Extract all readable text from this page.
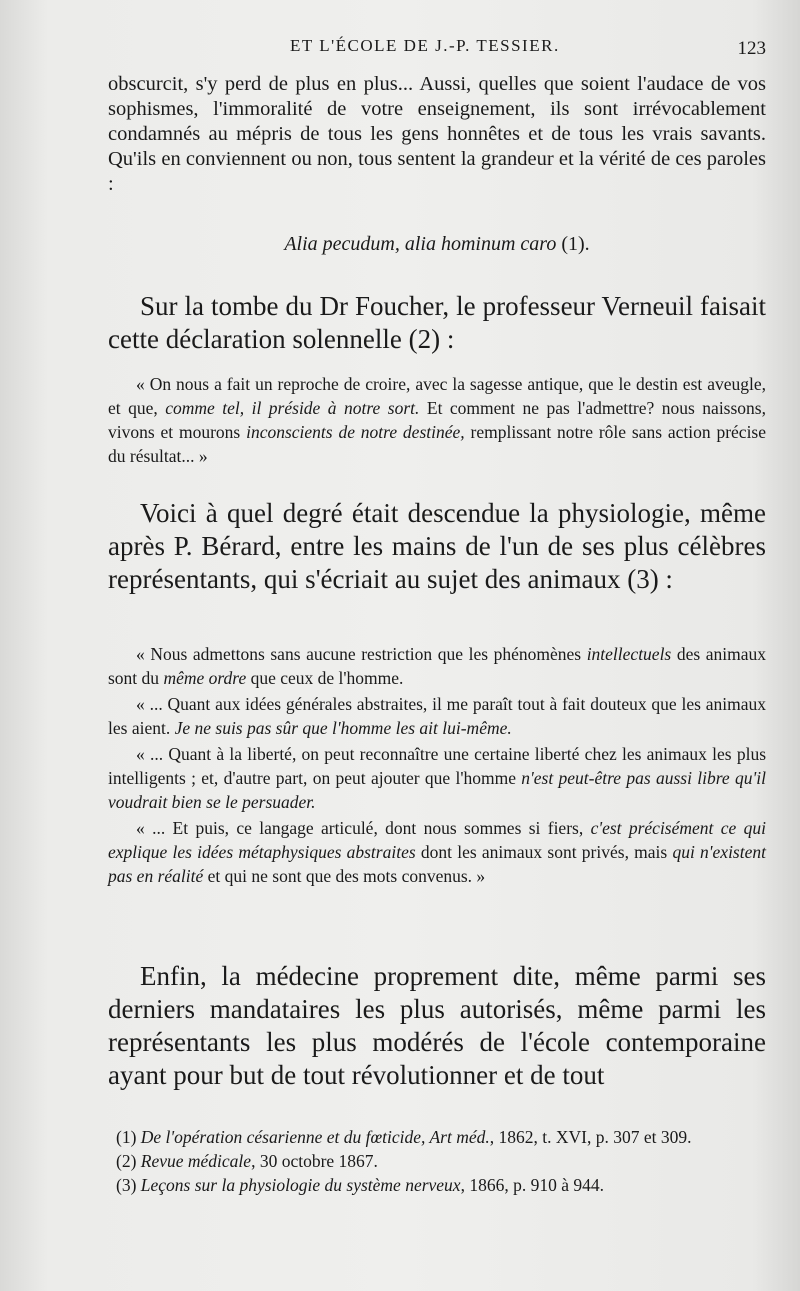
ET L'ÉCOLE DE J.-P. TESSIER.	123
obscurcit, s'y perd de plus en plus... Aussi, quelles que soient l'audace de vos sophismes, l'immoralité de votre enseignement, ils sont irrévocablement condamnés au mépris de tous les gens honnêtes et de tous les vrais savants. Qu'ils en conviennent ou non, tous sentent la grandeur et la vérité de ces paroles :
Alia pecudum, alia hominum caro (1).
Sur la tombe du Dr Foucher, le professeur Verneuil faisait cette déclaration solennelle (2) :

« On nous a fait un reproche de croire, avec la sagesse antique, que le destin est aveugle, et que, comme tel, il préside à notre sort. Et comment ne pas l'admettre? nous naissons, vivons et mourons inconscients de notre destinée, remplissant notre rôle sans action précise du résultat... »

Voici à quel degré était descendue la physiologie, même après P. Bérard, entre les mains de l'un de ses plus célèbres représentants, qui s'écriait au sujet des animaux (3) :

« Nous admettons sans aucune restriction que les phénomènes intellectuels des animaux sont du même ordre que ceux de l'homme.

« ... Quant aux idées générales abstraites, il me paraît tout à fait douteux que les animaux les aient. Je ne suis pas sûr que l'homme les ait lui-même.

« ... Quant à la liberté, on peut reconnaître une certaine liberté chez les animaux les plus intelligents ; et, d'autre part, on peut ajouter que l'homme n'est peut-être pas aussi libre qu'il voudrait bien se le persuader.

« ... Et puis, ce langage articulé, dont nous sommes si fiers, c'est précisément ce qui explique les idées métaphysiques abstraites dont les animaux sont privés, mais qui n'existent pas en réalité et qui ne sont que des mots convenus. »

Enfin, la médecine proprement dite, même parmi ses derniers mandataires les plus autorisés, même parmi les représentants les plus modérés de l'école contemporaine ayant pour but de tout révolutionner et de tout

(1) De l'opération césarienne et du fœticide, Art méd., 1862, t. XVI, p. 307 et 309.

(2) Revue médicale, 30 octobre 1867.

(3) Leçons sur la physiologie du système nerveux, 1866, p. 910 à 944.
